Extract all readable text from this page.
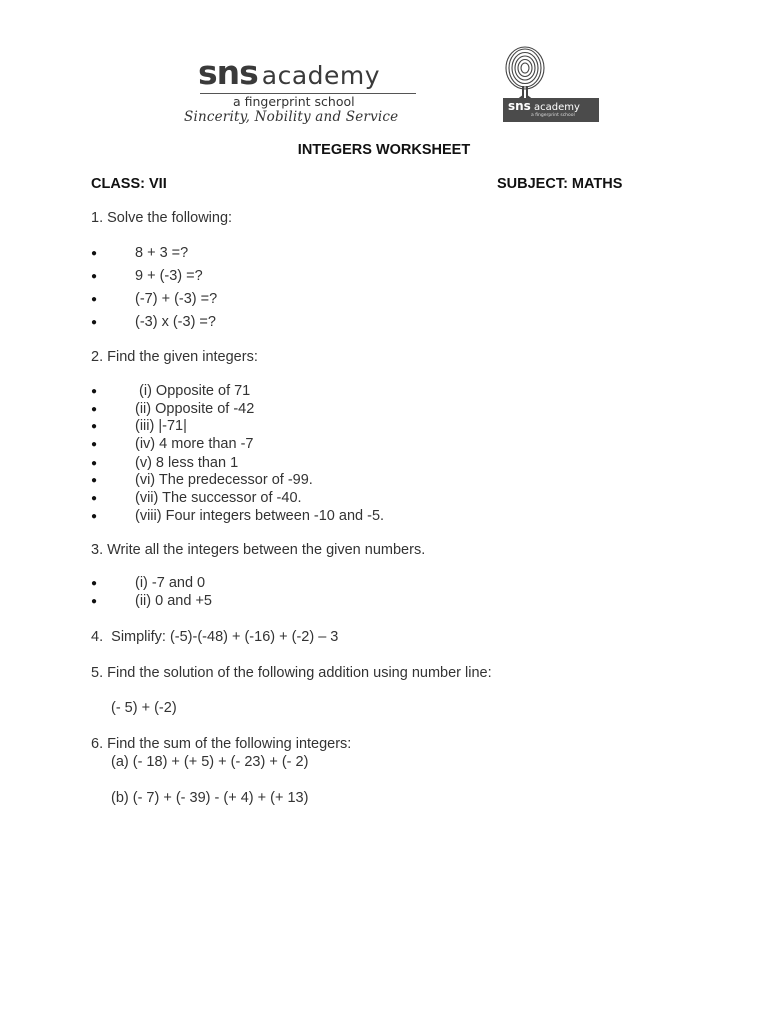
sns academy
a fingerprint school
Sincerity, Nobility and Service
sns academy
a fingerprint school
INTEGERS WORKSHEET
CLASS: VII	SUBJECT: MATHS
1. Solve the following:
●	8 + 3 =?
●	9 + (-3) =?
●	(-7) + (-3) =?
●	(-3) x (-3) =?
2. Find the given integers:
●	(i) Opposite of 71
●	(ii) Opposite of -42
●	(iii) |-71|
●	(iv) 4 more than -7
●	(v) 8 less than 1
●	(vi) The predecessor of -99.
●	(vii) The successor of -40.
●	(viii) Four integers between -10 and -5.
3. Write all the integers between the given numbers.
●	(i) -7 and 0
●	(ii) 0 and +5
4.  Simplify: (-5)-(-48) + (-16) + (-2) – 3
5. Find the solution of the following addition using number line:
(- 5) + (-2)
6. Find the sum of the following integers:
(a) (- 18) + (+ 5) + (- 23) + (- 2)
(b) (- 7) + (- 39) - (+ 4) + (+ 13)
